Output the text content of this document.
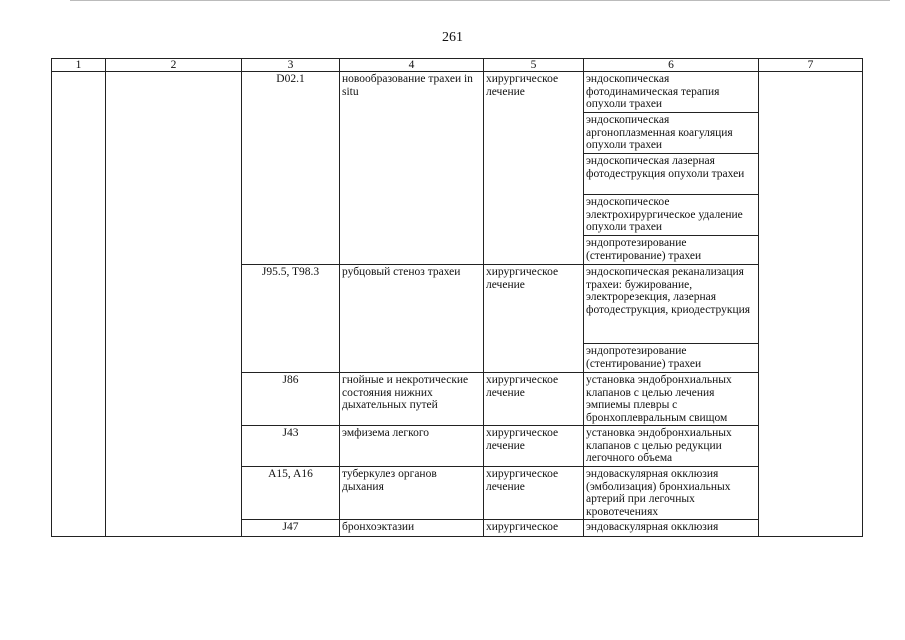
261
1	2	3	4	5	6	7
		D02.1	новообразование трахеи in situ	хирургическое лечение	эндоскопическая фотодинамическая терапия опухоли трахеи	
					эндоскопическая аргоноплазменная коагуляция опухоли трахеи	
					эндоскопическая лазерная фотодеструкция опухоли трахеи	
					эндоскопическое электрохирургическое удаление опухоли трахеи	
					эндопротезирование (стентирование) трахеи	
		J95.5, T98.3	рубцовый стеноз трахеи	хирургическое лечение	эндоскопическая реканализация трахеи: бужирование, электрорезекция, лазерная фотодеструкция, криодеструкция	
					эндопротезирование (стентирование) трахеи	
		J86	гнойные и некротические состояния нижних дыхательных путей	хирургическое лечение	установка эндобронхиальных клапанов с целью лечения эмпиемы плевры с бронхоплевральным свищом	
		J43	эмфизема легкого	хирургическое лечение	установка эндобронхиальных клапанов с целью редукции легочного объема	
		A15, A16	туберкулез органов дыхания	хирургическое лечение	эндоваскулярная окклюзия (эмболизация) бронхиальных артерий при легочных кровотечениях	
		J47	бронхоэктазии	хирургическое	эндоваскулярная окклюзия	
